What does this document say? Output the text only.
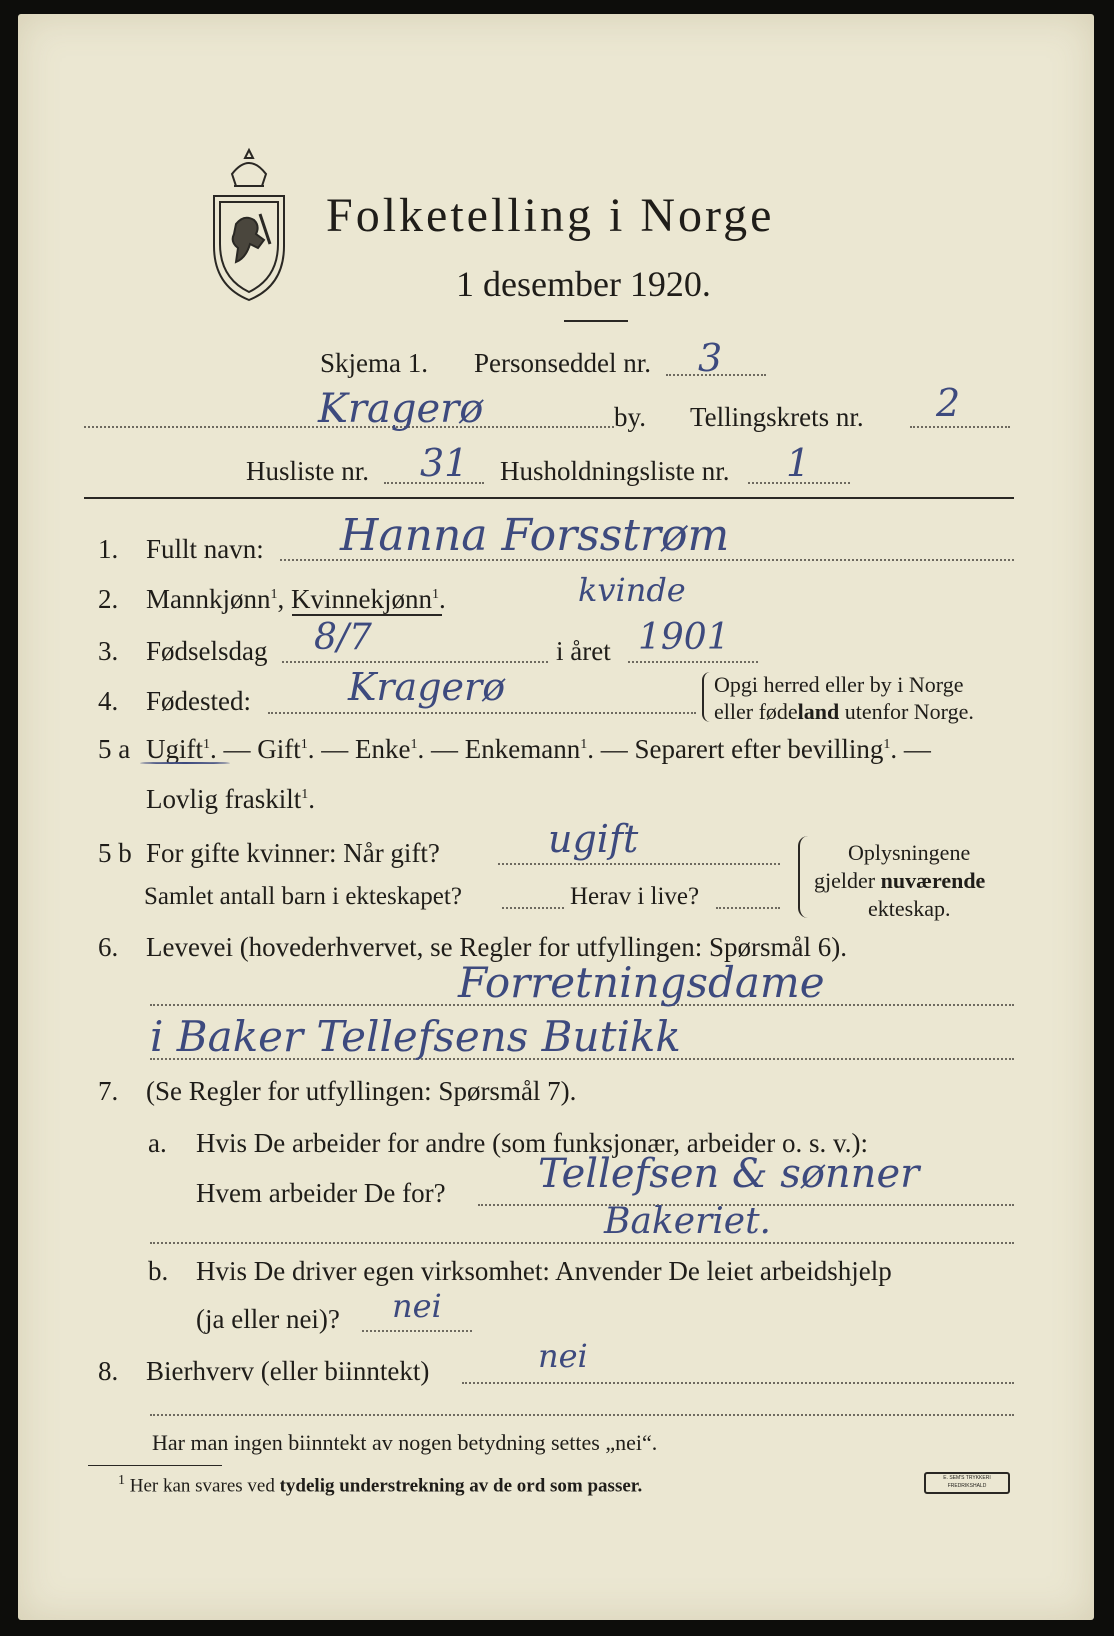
Folketelling i Norge
1 desember 1920.
Skjema 1. Personseddel nr. 3
Kragerø	by. Tellingskrets nr. 2
Husliste nr. 31 Husholdningsliste nr. 1
1. Fullt navn: Hanna Forsstrøm
2. Mannkjønn$^1$, Kvinnekjønn$^1$.	kvinde
3. Fødselsdag 8/7	i året 1901
4. Fødested:	Kragerø	Opgi herred eller by i Norge
eller fødeland utenfor Norge.
5 a Ugift$^1$. — Gift$^1$. — Enke$^1$. — Enkemann$^1$. — Separert efter bevilling$^1$. —
Lovlig fraskilt$^1$.
5 b For gifte kvinner: Når gift?	ugift
Samlet antall barn i ekteskapet?	Herav i live?
Oplysningene
gjelder nuværende
ekteskap.
6. Levevei (hovederhvervet, se Regler for utfyllingen: Spørsmål 6).
Forretningsdame
i Baker Tellefsens Butikk
7. (Se Regler for utfyllingen: Spørsmål 7).
a. Hvis De arbeider for andre (som funksjonær, arbeider o. s. v.):
Hvem arbeider De for? Tellefsen & sønner
Bakeriet.
b. Hvis De driver egen virksomhet: Anvender De leiet arbeidshjelp
(ja eller nei)? nei
8. Bierhverv (eller biinntekt)	nei
Har man ingen biinntekt av nogen betydning settes „nei“.
$^1$ Her kan svares ved tydelig understrekning av de ord som passer.	E. SEM'S TRYKKERI FREDRIKSHALD
